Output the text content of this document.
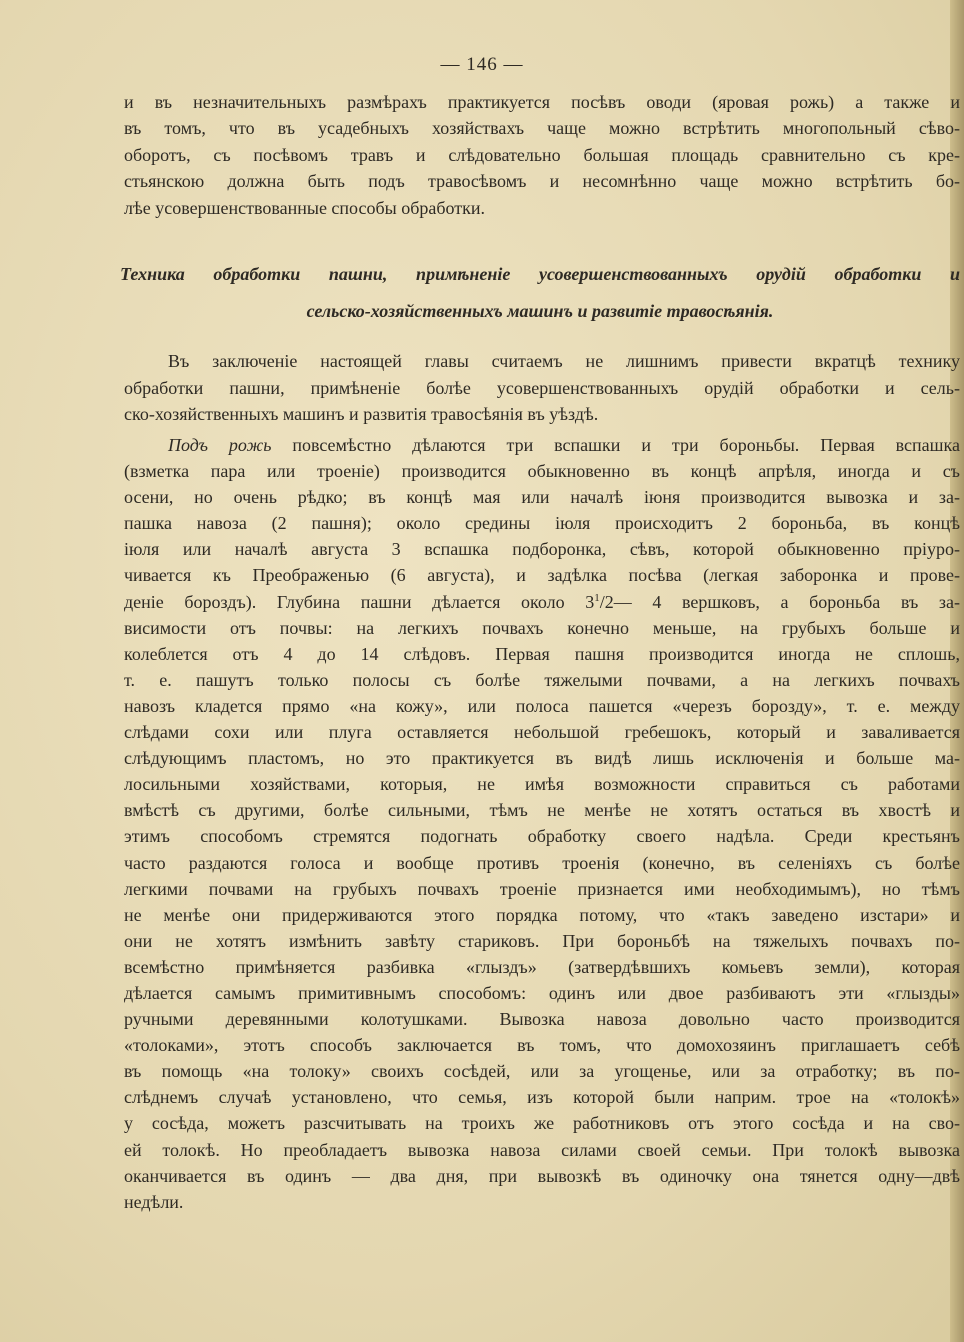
— 146 —
и въ незначительныхъ размѣрахъ практикуется посѣвъ оводи (яровая рожь) а также и
въ томъ, что въ усадебныхъ хозяйствахъ чаще можно встрѣтить многопольный сѣво-
оборотъ, съ посѣвомъ травъ и слѣдовательно большая площадь сравнительно съ кре-
стьянскою должна быть подъ травосѣвомъ и несомнѣнно чаще можно встрѣтить бо-
лѣе усовершенствованные способы обработки.
Техника обработки пашни, примѣненіе усовершенствованныхъ орудій обработки и
сельско-хозяйственныхъ машинъ и развитіе травосѣянія.
Въ заключеніе настоящей главы считаемъ не лишнимъ привести вкратцѣ технику
обработки пашни, примѣненіе болѣе усовершенствованныхъ орудій обработки и сель-
ско-хозяйственныхъ машинъ и развитія травосѣянія въ уѣздѣ.
Подъ рожь повсемѣстно дѣлаются три вспашки и три бороньбы. Первая вспашка
(взметка пара или троеніе) производится обыкновенно въ концѣ апрѣля, иногда и съ
осени, но очень рѣдко; въ концѣ мая или началѣ іюня производится вывозка и за-
пашка навоза (2 пашня); около средины іюля происходитъ 2 бороньба, въ концѣ
іюля или началѣ августа 3 вспашка подборонка, сѣвъ, которой обыкновенно пріуро-
чивается къ Преображенью (6 августа), и задѣлка посѣва (легкая заборонка и прове-
деніе бороздъ). Глубина пашни дѣлается около $3^1/2—$ 4 вершковъ, а бороньба въ за-
висимости отъ почвы: на легкихъ почвахъ конечно меньше, на грубыхъ больше и
колеблется отъ 4 до 14 слѣдовъ. Первая пашня производится иногда не сплошь,
т. е. пашутъ только полосы съ болѣе тяжелыми почвами, а на легкихъ почвахъ
навозъ кладется прямо «на кожу», или полоса пашется «черезъ борозду», т. е. между
слѣдами сохи или плуга оставляется небольшой гребешокъ, который и заваливается
слѣдующимъ пластомъ, но это практикуется въ видѣ лишь исключенія и больше ма-
лосильными хозяйствами, которыя, не имѣя возможности справиться съ работами
вмѣстѣ съ другими, болѣе сильными, тѣмъ не менѣе не хотятъ остаться въ хвостѣ и
этимъ способомъ стремятся подогнать обработку своего надѣла. Среди крестьянъ
часто раздаются голоса и вообще противъ троенія (конечно, въ селеніяхъ съ болѣе
легкими почвами на грубыхъ почвахъ троеніе признается ими необходимымъ), но тѣмъ
не менѣе они придерживаются этого порядка потому, что «такъ заведено изстари» и
они не хотятъ измѣнить завѣту стариковъ. При бороньбѣ на тяжелыхъ почвахъ по-
всемѣстно примѣняется разбивка «глыздъ» (затвердѣвшихъ комьевъ земли), которая
дѣлается самымъ примитивнымъ способомъ: одинъ или двое разбиваютъ эти «глызды»
ручными деревянными колотушками. Вывозка навоза довольно часто производится
«толоками», этотъ способъ заключается въ томъ, что домохозяинъ приглашаетъ себѣ
въ помощь «на толоку» своихъ сосѣдей, или за угощенье, или за отработку; въ по-
слѣднемъ случаѣ установлено, что семья, изъ которой были наприм. трое на «толокѣ»
у сосѣда, можетъ разсчитывать на троихъ же работниковъ отъ этого сосѣда и на сво-
ей толокѣ. Но преобладаетъ вывозка навоза силами своей семьи. При толокѣ вывозка
оканчивается въ одинъ — два дня, при вывозкѣ въ одиночку она тянется одну—двѣ
недѣли.
